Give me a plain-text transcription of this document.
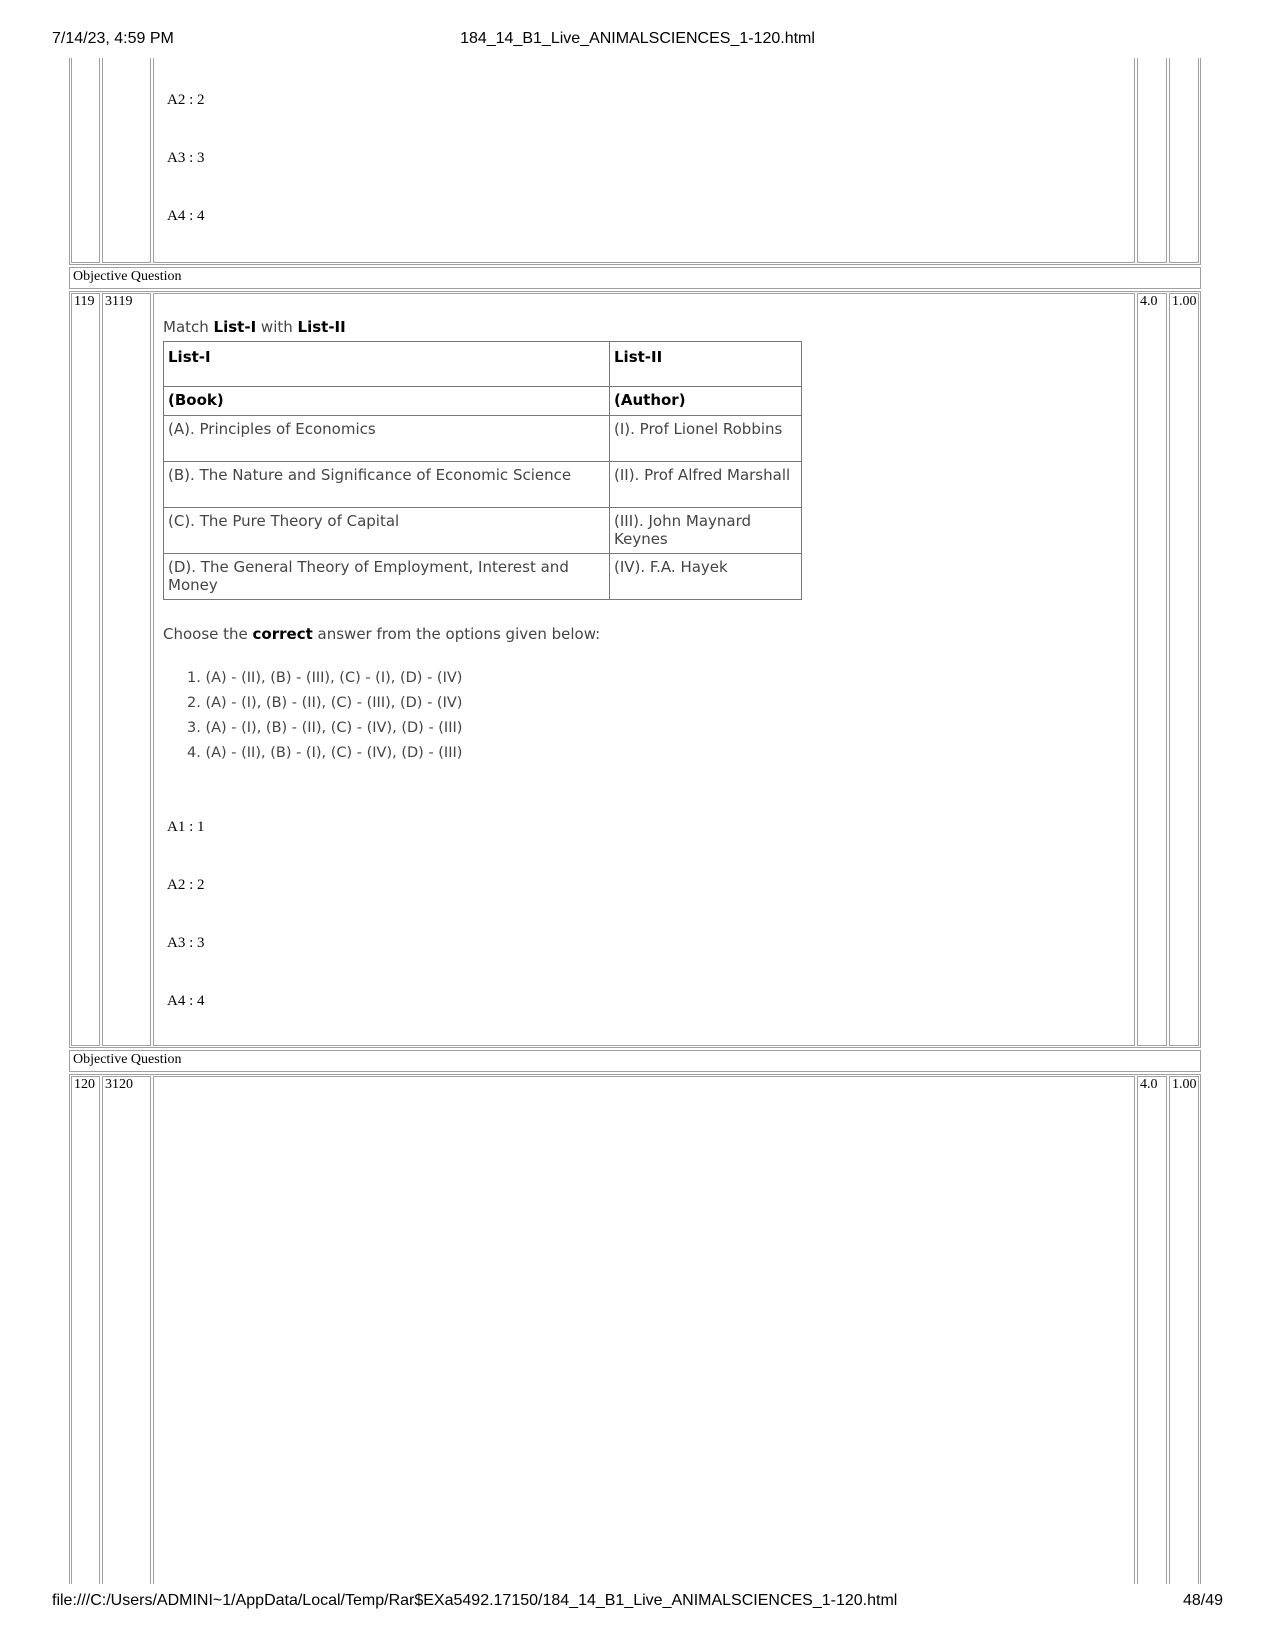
7/14/23, 4:59 PM	184_14_B1_Live_ANIMALSCIENCES_1-120.html
A2 : 2
A3 : 3
A4 : 4
Objective Question
119 3119	4.0 1.00
Match List-I with List-II
List-I	List-II
(Book)	(Author)
(A). Principles of Economics	(I). Prof Lionel Robbins
(B). The Nature and Significance of Economic Science	(II). Prof Alfred Marshall
(C). The Pure Theory of Capital	(III). John Maynard Keynes
(D). The General Theory of Employment, Interest and Money	(IV). F.A. Hayek
Choose the correct answer from the options given below:
1. (A) - (II), (B) - (III), (C) - (I), (D) - (IV)
2. (A) - (I), (B) - (II), (C) - (III), (D) - (IV)
3. (A) - (I), (B) - (II), (C) - (IV), (D) - (III)
4. (A) - (II), (B) - (I), (C) - (IV), (D) - (III)
A1 : 1
A2 : 2
A3 : 3
A4 : 4
Objective Question
120 3120	4.0 1.00
file:///C:/Users/ADMINI~1/AppData/Local/Temp/Rar$EXa5492.17150/184_14_B1_Live_ANIMALSCIENCES_1-120.html	48/49
